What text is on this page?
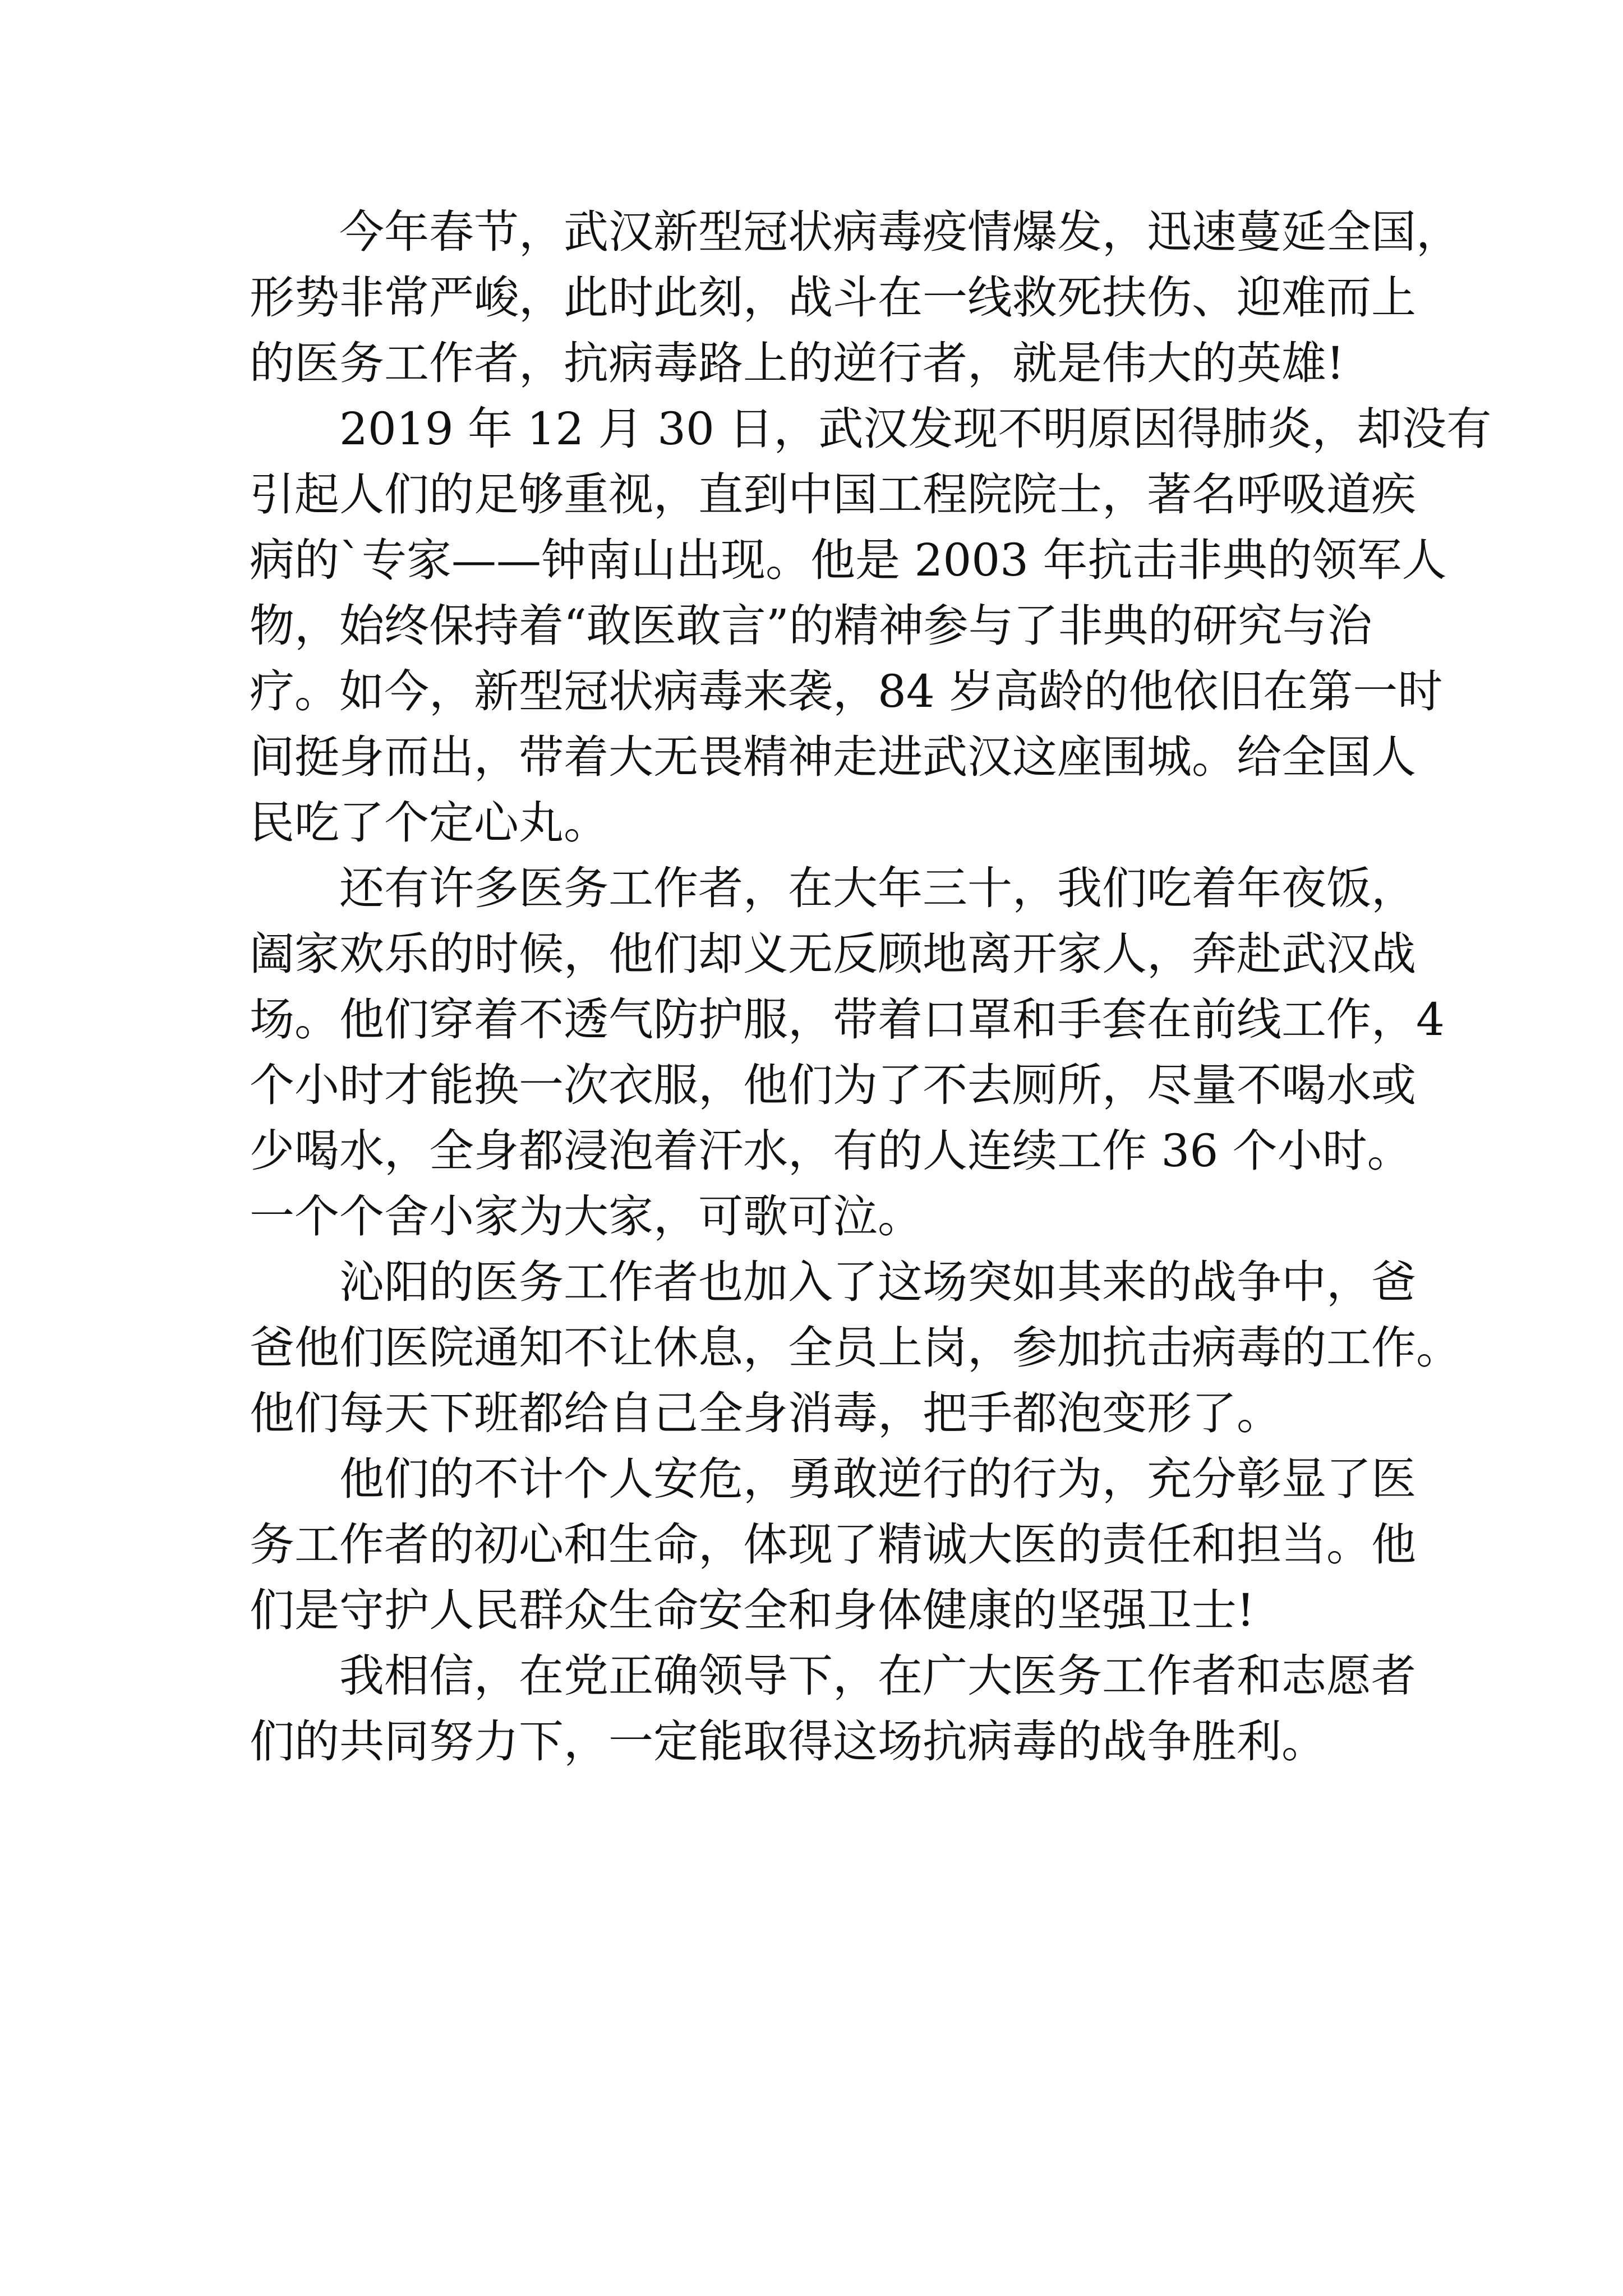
今年春节，武汉新型冠状病毒疫情爆发，迅速蔓延全国，
形势非常严峻，此时此刻，战斗在一线救死扶伤、迎难而上
的医务工作者，抗病毒路上的逆行者，就是伟大的英雄!

2019 年 12 月 30 日，武汉发现不明原因得肺炎，却没有
引起人们的足够重视，直到中国工程院院士，著名呼吸道疾
病的`专家——钟南山出现。他是 2003 年抗击非典的领军人
物，始终保持着“敢医敢言”的精神参与了非典的研究与治
疗。如今，新型冠状病毒来袭，84 岁高龄的他依旧在第一时
间挺身而出，带着大无畏精神走进武汉这座围城。给全国人
民吃了个定心丸。

还有许多医务工作者，在大年三十，我们吃着年夜饭，
阖家欢乐的时候，他们却义无反顾地离开家人，奔赴武汉战
场。他们穿着不透气防护服，带着口罩和手套在前线工作，4
个小时才能换一次衣服，他们为了不去厕所，尽量不喝水或
少喝水，全身都浸泡着汗水，有的人连续工作 36 个小时。
一个个舍小家为大家，可歌可泣。

沁阳的医务工作者也加入了这场突如其来的战争中，爸
爸他们医院通知不让休息，全员上岗，参加抗击病毒的工作。
他们每天下班都给自己全身消毒，把手都泡变形了。

他们的不计个人安危，勇敢逆行的行为，充分彰显了医
务工作者的初心和生命，体现了精诚大医的责任和担当。他
们是守护人民群众生命安全和身体健康的坚强卫士!

我相信，在党正确领导下，在广大医务工作者和志愿者
们的共同努力下，一定能取得这场抗病毒的战争胜利。
